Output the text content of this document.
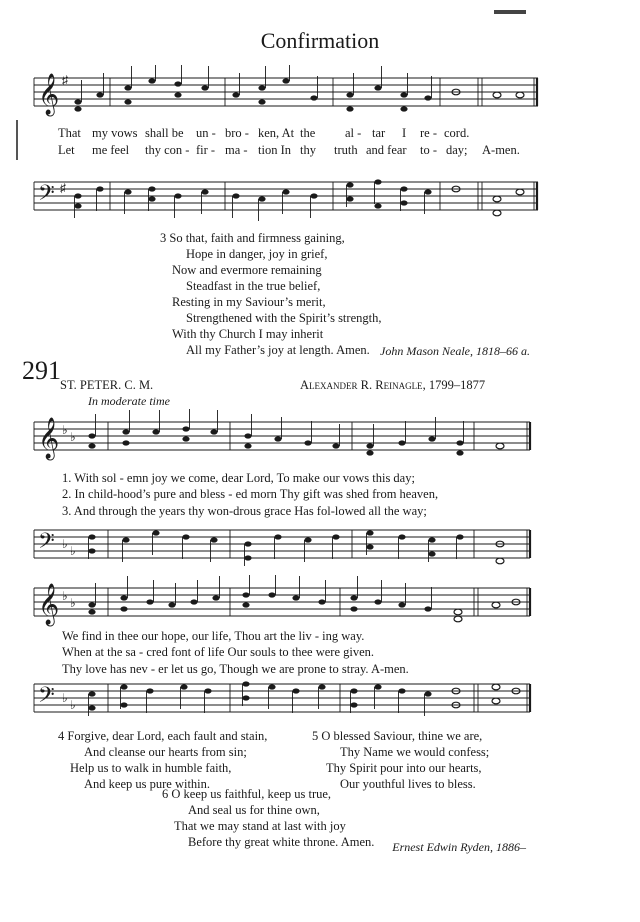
Confirmation
𝄞 ♯
That my vows shall be un - bro - ken, At the al - tar I re - cord.
Let me feel thy con - fir - ma - tion In thy truth and fear to - day; A-men.
𝄢 ♯
3 So that, faith and firmness gaining,
Hope in danger, joy in grief,
Now and evermore remaining
Steadfast in the true belief,
Resting in my Saviour’s merit,
Strengthened with the Spirit’s strength,
With thy Church I may inherit
All my Father’s joy at length. Amen. John Mason Neale, 1818–66 a.
291 ST. PETER. C. M.	Alexander R. Reinagle, 1799–1877
In moderate time
𝄞 ♭ ♭
1. With sol - emn joy we come, dear Lord, To make our vows this day;
2. In child-hood’s pure and bless - ed morn Thy gift was shed from heaven,
3. And through the years thy won-drous grace Has fol-lowed all the way;
𝄢 ♭ ♭
𝄞 ♭ ♭
We find in thee our hope, our life, Thou art the liv - ing way.
When at the sa - cred font of life Our souls to thee were given.
Thy love has nev - er let us go, Though we are prone to stray. A-men.
𝄢 ♭ ♭
4 Forgive, dear Lord, each fault and stain,
And cleanse our hearts from sin;
Help us to walk in humble faith,
And keep us pure within.
5 O blessed Saviour, thine we are,
Thy Name we would confess;
Thy Spirit pour into our hearts,
Our youthful lives to bless.
6 O keep us faithful, keep us true,
And seal us for thine own,
That we may stand at last with joy
Before thy great white throne. Amen.	Ernest Edwin Ryden, 1886–
